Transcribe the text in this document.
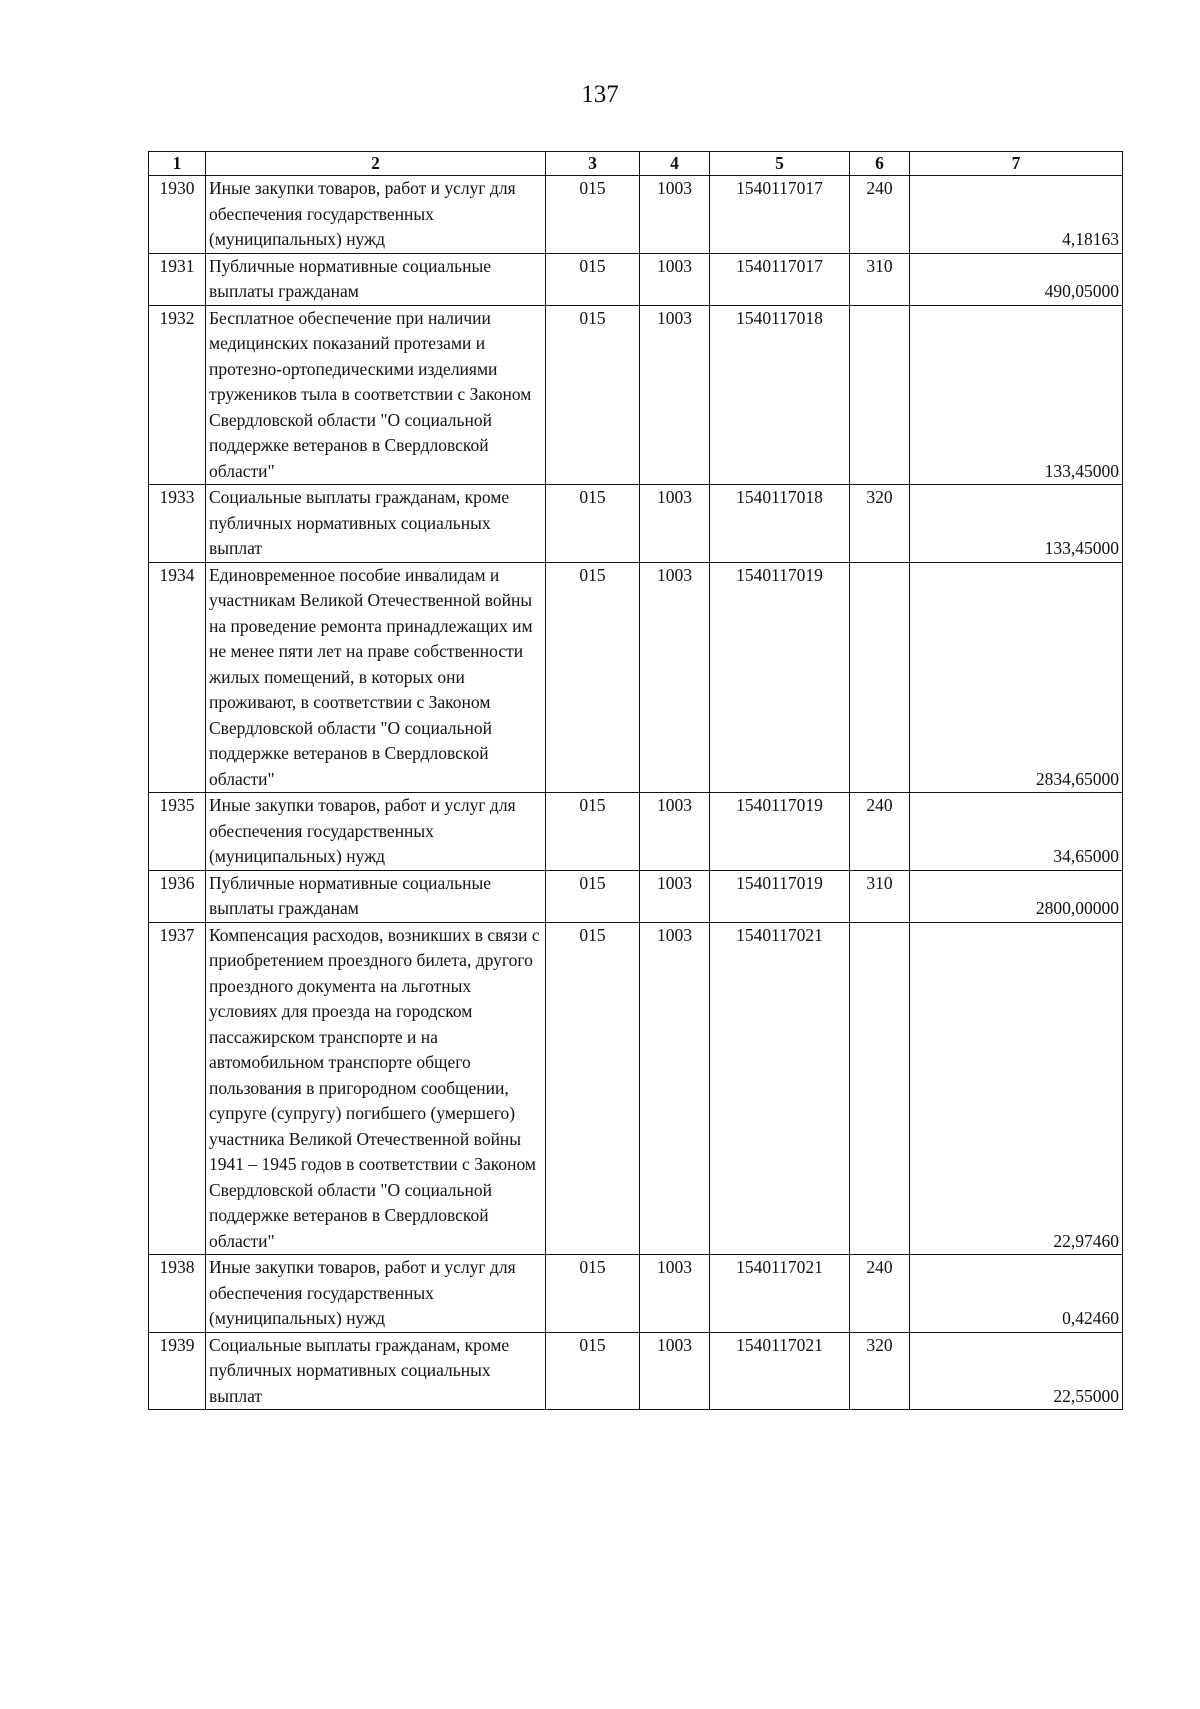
137
1	2	3	4	5	6	7
1930	Иные закупки товаров, работ и услуг для обеспечения государственных (муниципальных) нужд	015	1003	1540117017	240	4,18163
1931	Публичные нормативные социальные выплаты гражданам	015	1003	1540117017	310	490,05000
1932	Бесплатное обеспечение при наличии медицинских показаний протезами и протезно-ортопедическими изделиями тружеников тыла в соответствии с Законом Свердловской области "О социальной поддержке ветеранов в Свердловской области"	015	1003	1540117018		133,45000
1933	Социальные выплаты гражданам, кроме публичных нормативных социальных выплат	015	1003	1540117018	320	133,45000
1934	Единовременное пособие инвалидам и участникам Великой Отечественной войны на проведение ремонта принадлежащих им не менее пяти лет на праве собственности жилых помещений, в которых они проживают, в соответствии с Законом Свердловской области "О социальной поддержке ветеранов в Свердловской области"	015	1003	1540117019		2834,65000
1935	Иные закупки товаров, работ и услуг для обеспечения государственных (муниципальных) нужд	015	1003	1540117019	240	34,65000
1936	Публичные нормативные социальные выплаты гражданам	015	1003	1540117019	310	2800,00000
1937	Компенсация расходов, возникших в связи с приобретением проездного билета, другого проездного документа на льготных условиях для проезда на городском пассажирском транспорте и на автомобильном транспорте общего пользования в пригородном сообщении, супруге (супругу) погибшего (умершего) участника Великой Отечественной войны 1941 – 1945 годов в соответствии с Законом Свердловской области "О социальной поддержке ветеранов в Свердловской области"	015	1003	1540117021		22,97460
1938	Иные закупки товаров, работ и услуг для обеспечения государственных (муниципальных) нужд	015	1003	1540117021	240	0,42460
1939	Социальные выплаты гражданам, кроме публичных нормативных социальных выплат	015	1003	1540117021	320	22,55000
